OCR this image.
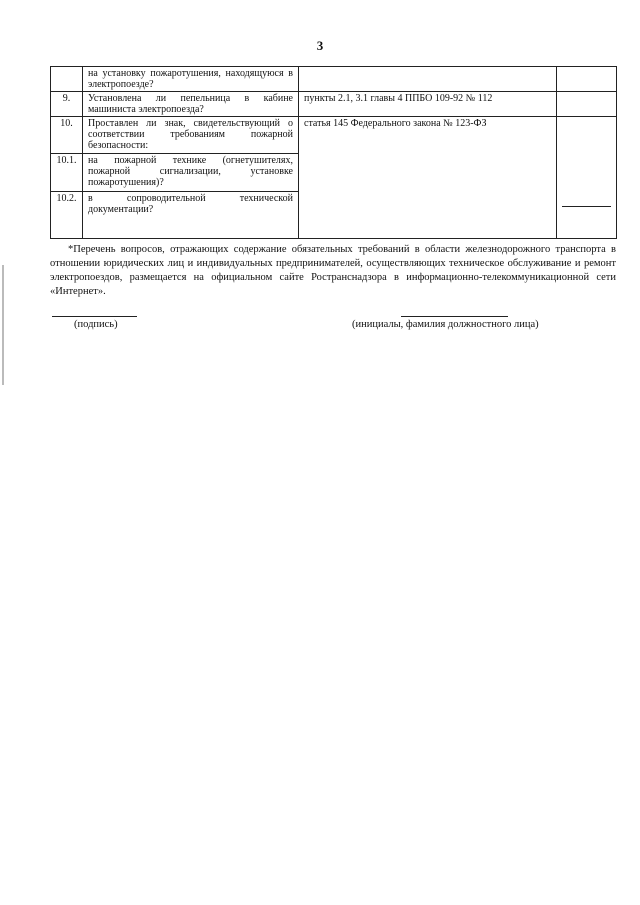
3
	на установку пожаротушения, находящуюся в электропоезде?		
9.	Установлена ли пепельница в кабине машиниста электропоезда?	пункты 2.1, 3.1 главы 4 ППБО 109-92 № 112	
10.	Проставлен ли знак, свидетельствующий о соответствии требованиям пожарной безопасности:	статья 145 Федерального закона № 123-ФЗ	

10.1.	на пожарной технике (огнетушителях, пожарной сигнализации, установке пожаротушения)?		
10.2.	в сопроводительной технической документации?		
*Перечень вопросов, отражающих содержание обязательных требований в области железнодорожного транспорта в отношении юридических лиц и индивидуальных предпринимателей, осуществляющих техническое обслуживание и ремонт электропоездов, размещается на официальном сайте Ространснадзора в информационно-телекоммуникационной сети «Интернет».
(подпись)	(инициалы, фамилия должностного лица)
